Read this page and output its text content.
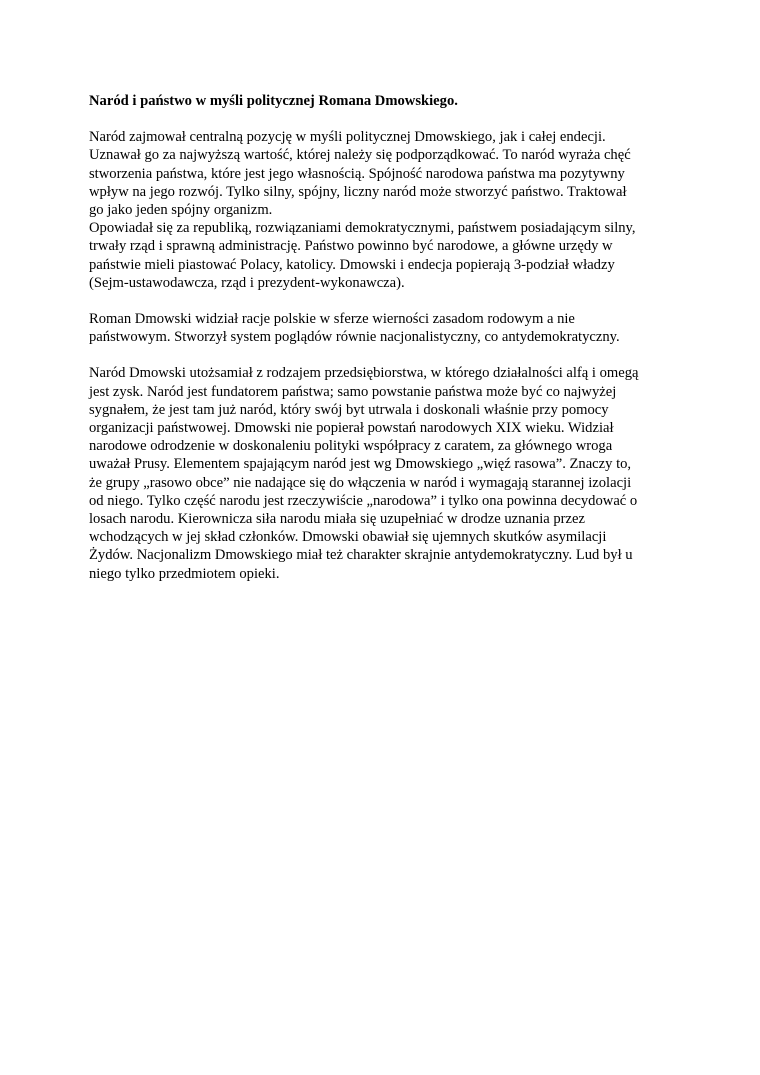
Naród i państwo w myśli politycznej Romana Dmowskiego.
Naród zajmował centralną pozycję w myśli politycznej Dmowskiego, jak i całej endecji.
Uznawał go za najwyższą wartość, której należy się podporządkować. To naród wyraża chęć
stworzenia państwa, które jest jego własnością. Spójność narodowa państwa ma pozytywny
wpływ na jego rozwój. Tylko silny, spójny, liczny naród może stworzyć państwo. Traktował
go jako jeden spójny organizm.
Opowiadał się za republiką, rozwiązaniami demokratycznymi, państwem posiadającym silny,
trwały rząd i sprawną administrację. Państwo powinno być narodowe, a główne urzędy w
państwie mieli piastować Polacy, katolicy. Dmowski i endecja popierają 3-podział władzy
(Sejm-ustawodawcza, rząd i prezydent-wykonawcza).
Roman Dmowski widział racje polskie w sferze wierności zasadom rodowym a nie
państwowym. Stworzył system poglądów równie nacjonalistyczny, co antydemokratyczny.
Naród Dmowski utożsamiał z rodzajem przedsiębiorstwa, w którego działalności alfą i omegą
jest zysk. Naród jest fundatorem państwa; samo powstanie państwa może być co najwyżej
sygnałem, że jest tam już naród, który swój byt utrwala i doskonali właśnie przy pomocy
organizacji państwowej. Dmowski nie popierał powstań narodowych XIX wieku. Widział
narodowe odrodzenie w doskonaleniu polityki współpracy z caratem, za głównego wroga
uważał Prusy. Elementem spajającym naród jest wg Dmowskiego „więź rasowa”. Znaczy to,
że grupy „rasowo obce” nie nadające się do włączenia w naród i wymagają starannej izolacji
od niego. Tylko część narodu jest rzeczywiście „narodowa” i tylko ona powinna decydować o
losach narodu. Kierownicza siła narodu miała się uzupełniać w drodze uznania przez
wchodzących w jej skład członków. Dmowski obawiał się ujemnych skutków asymilacji
Żydów. Nacjonalizm Dmowskiego miał też charakter skrajnie antydemokratyczny. Lud był u
niego tylko przedmiotem opieki.
